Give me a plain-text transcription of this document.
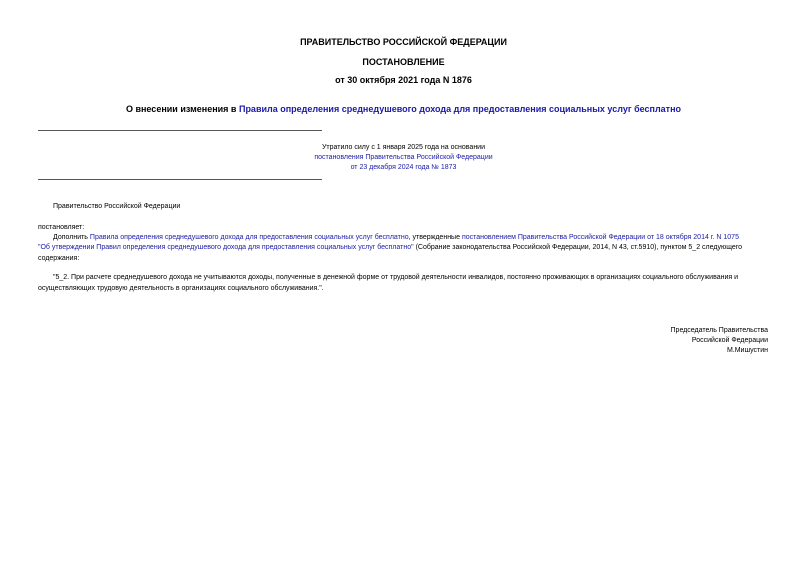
ПРАВИТЕЛЬСТВО РОССИЙСКОЙ ФЕДЕРАЦИИ
ПОСТАНОВЛЕНИЕ
от 30 октября 2021 года N 1876
О внесении изменения в Правила определения среднедушевого дохода для предоставления социальных услуг бесплатно
Утратило силу с 1 января 2025 года на основании
постановления Правительства Российской Федерации
от 23 декабря 2024 года № 1873
Правительство Российской Федерации
постановляет:
Дополнить Правила определения среднедушевого дохода для предоставления социальных услуг бесплатно, утвержденные постановлением Правительства Российской Федерации от 18 октября 2014 г. N 1075
"Об утверждении Правил определения среднедушевого дохода для предоставления социальных услуг бесплатно" (Собрание законодательства Российской Федерации, 2014, N 43, ст.5910), пунктом 5_2 следующего
содержания:
"5_2. При расчете среднедушевого дохода не учитываются доходы, полученные в денежной форме от трудовой деятельности инвалидов, постоянно проживающих в организациях социального обслуживания и
осуществляющих трудовую деятельность в организациях социального обслуживания.".
Председатель Правительства
Российской Федерации
М.Мишустин
